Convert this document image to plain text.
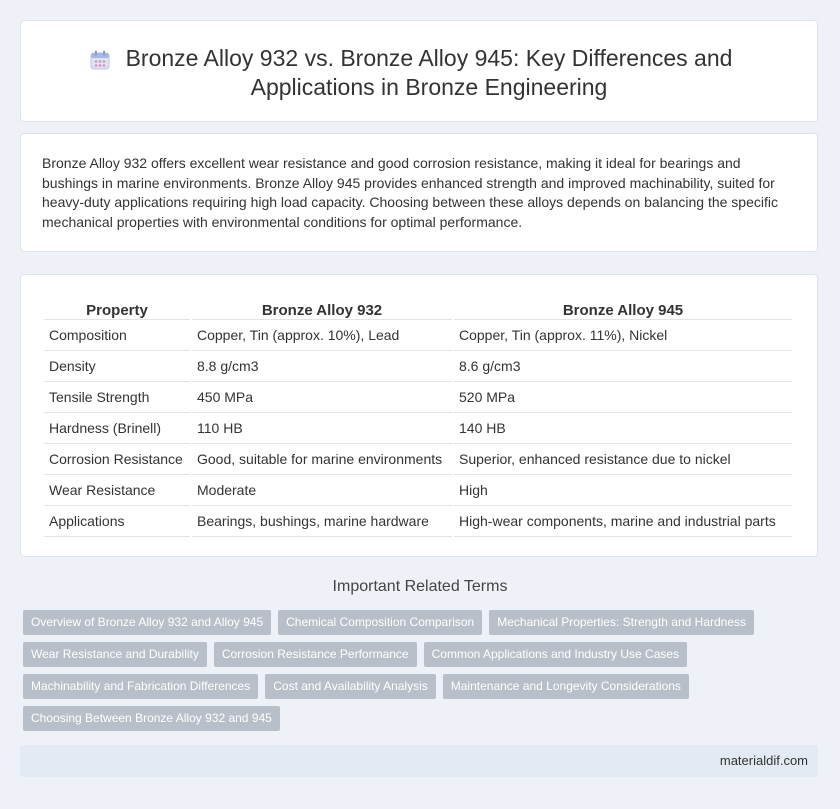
Bronze Alloy 932 vs. Bronze Alloy 945: Key Differences and Applications in Bronze Engineering

Bronze Alloy 932 offers excellent wear resistance and good corrosion resistance, making it ideal for bearings and bushings in marine environments. Bronze Alloy 945 provides enhanced strength and improved machinability, suited for heavy-duty applications requiring high load capacity. Choosing between these alloys depends on balancing the specific mechanical properties with environmental conditions for optimal performance.

Property	Bronze Alloy 932	Bronze Alloy 945
Composition	Copper, Tin (approx. 10%), Lead	Copper, Tin (approx. 11%), Nickel
Density	8.8 g/cm3	8.6 g/cm3
Tensile Strength	450 MPa	520 MPa
Hardness (Brinell)	110 HB	140 HB
Corrosion Resistance	Good, suitable for marine environments	Superior, enhanced resistance due to nickel
Wear Resistance	Moderate	High
Applications	Bearings, bushings, marine hardware	High-wear components, marine and industrial parts
Important Related Terms
Overview of Bronze Alloy 932 and Alloy 945 Chemical Composition Comparison Mechanical Properties: Strength and Hardness
Wear Resistance and Durability Corrosion Resistance Performance Common Applications and Industry Use Cases
Machinability and Fabrication Differences Cost and Availability Analysis Maintenance and Longevity Considerations
Choosing Between Bronze Alloy 932 and 945
materialdif.com
